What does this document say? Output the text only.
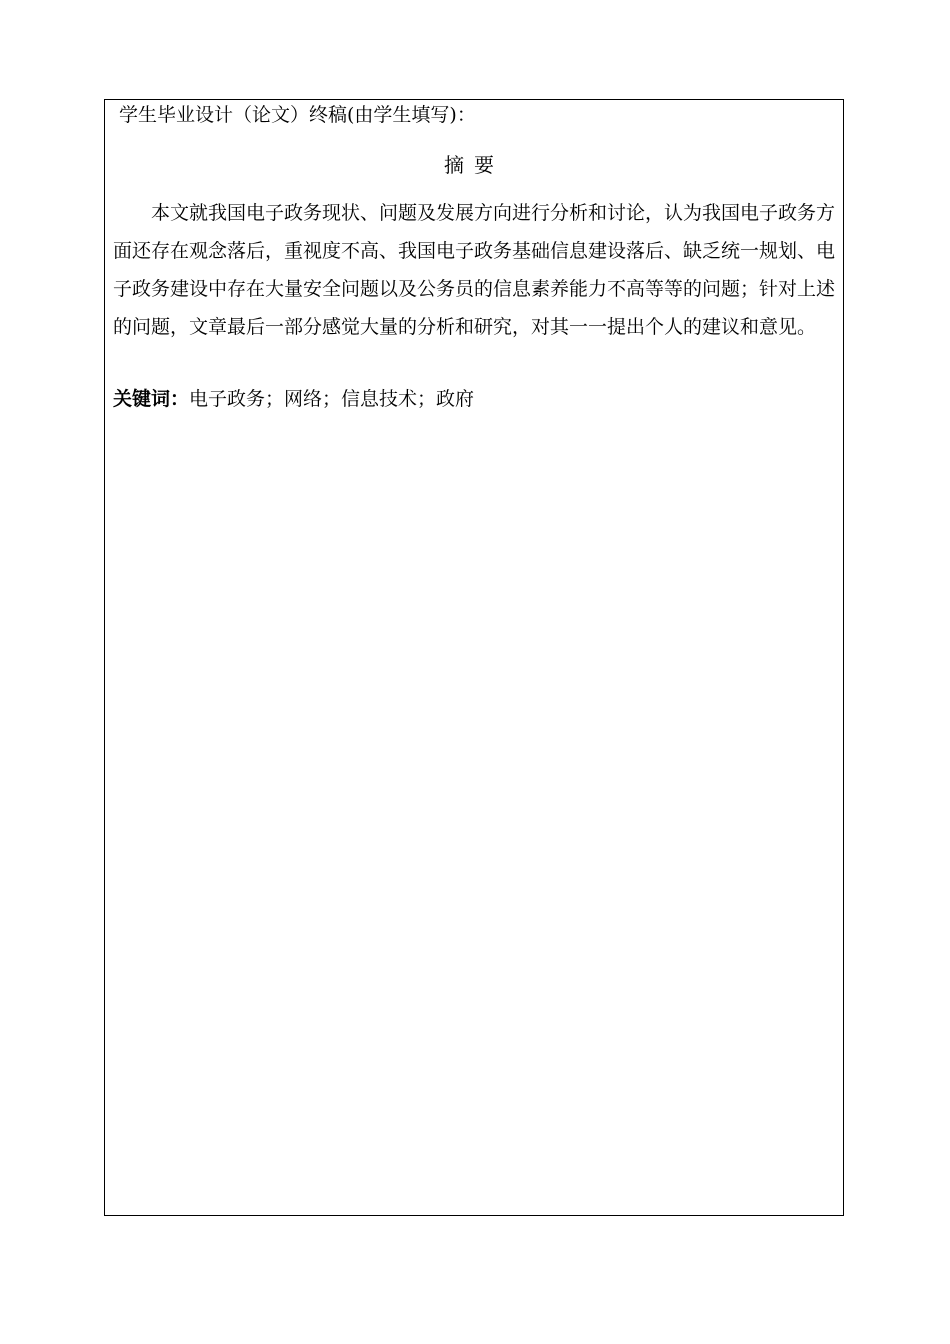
学生毕业设计（论文）终稿(由学生填写)：
摘要

本文就我国电子政务现状、问题及发展方向进行分析和讨论，认为我国电子政务方面还存在观念落后，重视度不高、我国电子政务基础信息建设落后、缺乏统一规划、电子政务建设中存在大量安全问题以及公务员的信息素养能力不高等等的问题；针对上述的问题，文章最后一部分感觉大量的分析和研究，对其一一提出个人的建议和意见。

关键词：电子政务；网络；信息技术；政府
